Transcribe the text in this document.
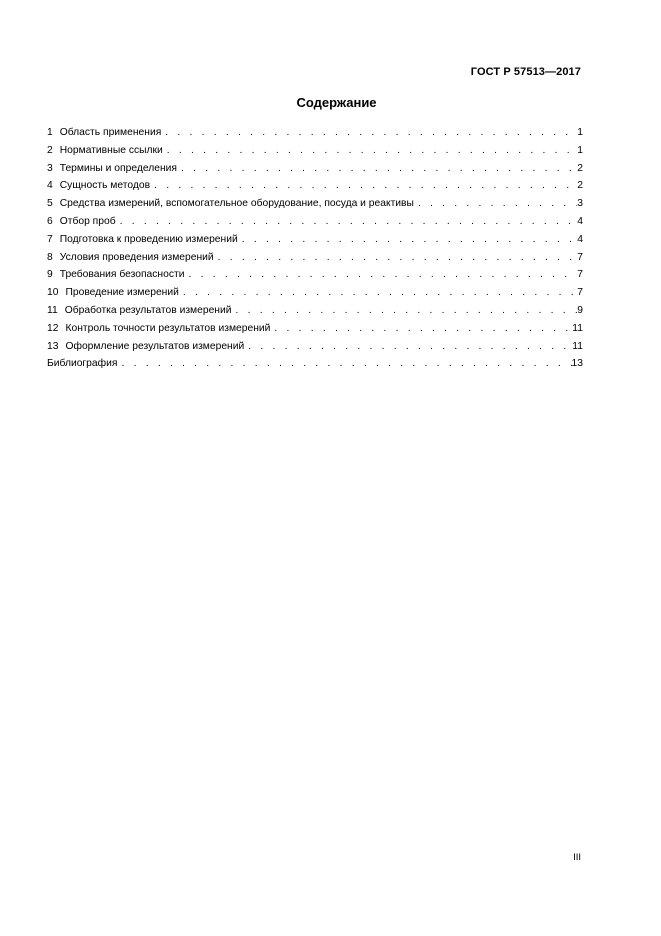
ГОСТ Р 57513—2017
Содержание
1 Область применения . . .	1
2 Нормативные ссылки . . .	1
3 Термины и определения . . .	2
4 Сущность методов . . .	2
5 Средства измерений, вспомогательное оборудование, посуда и реактивы . . .	3
6 Отбор проб . . .	4
7 Подготовка к проведению измерений . . .	4
8 Условия проведения измерений . . .	7
9 Требования безопасности . . .	7
10 Проведение измерений . . .	7
11 Обработка результатов измерений . . .	9
12 Контроль точности результатов измерений . . .	11
13 Оформление результатов измерений . . .	11
Библиография . . .	13
III
